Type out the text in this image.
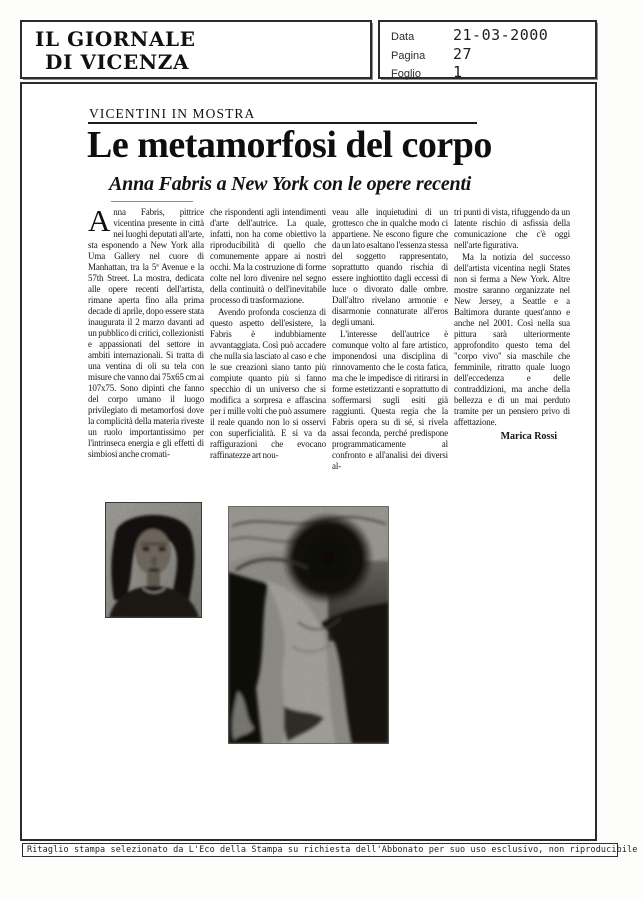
IL GIORNALE
DI VICENZA
Data	21-03-2000
Pagina	27
Foglio	1
VICENTINI IN MOSTRA
Le metamorfosi del corpo
Anna Fabris a New York con le opere recenti

Anna Fabris, pittrice vicentina presente in città nei luoghi deputati all'arte, sta esponendo a New York alla Uma Gallery nel cuore di Manhattan, tra la 5ª Avenue e la 57th Street. La mostra, dedicata alle opere recenti dell'artista, rimane aperta fino alla prima decade di aprile, dopo essere stata inaugurata il 2 marzo davanti ad un pubblico di critici, collezionisti e appassionati del settore in ambiti internazionali. Si tratta di una ventina di oli su tela con misure che vanno dai 75x65 cm ai 107x75. Sono dipinti che fanno del corpo umano il luogo privilegiato di metamorfosi dove la complicità della materia riveste un ruolo importantissimo per l'intrinseca energia e gli effetti di simbiosi anche cromati-

che rispondenti agli intendimenti d'arte dell'autrice. La quale, infatti, non ha come obiettivo la riproducibilità di quello che comunemente appare ai nostri occhi. Ma la costruzione di forme colte nel loro divenire nel segno della continuità o dell'inevitabile processo di trasformazione.

Avendo profonda coscienza di questo aspetto dell'esistere, la Fabris è indubbiamente avvantaggiata. Così può accadere che nulla sia lasciato al caso e che le sue creazioni siano tanto più compiute quanto più si fanno specchio di un universo che si modifica a sorpresa e affascina per i mille volti che può assumere il reale quando non lo si osservi con superficialità. E si va da raffigurazioni che evocano raffinatezze art nou-

veau alle inquietudini di un grottesco che in qualche modo ci appartiene. Ne escono figure che da un lato esaltano l'essenza stessa del soggetto rappresentato, soprattutto quando rischia di essere inghiottito dagli eccessi di luce o divorato dalle ombre. Dall'altro rivelano armonie e disarmonie connaturate all'eros degli umani.

L'interesse dell'autrice è comunque volto al fare artistico, imponendosi una disciplina di rinnovamento che le costa fatica, ma che le impedisce di ritirarsi in forme estetizzanti e soprattutto di soffermarsi sugli esiti già raggiunti. Questa regia che la Fabris opera su di sé, si rivela assai feconda, perché predispone programmaticamente al confronto e all'analisi dei diversi al-

tri punti di vista, rifuggendo da un latente rischio di asfissia della comunicazione che c'è oggi nell'arte figurativa.

Ma la notizia del successo dell'artista vicentina negli States non si ferma a New York. Altre mostre saranno organizzate nel New Jersey, a Seattle e a Baltimora durante quest'anno e anche nel 2001. Così nella sua pittura sarà ulteriormente approfondito questo tema del "corpo vivo" sia maschile che femminile, ritratto quale luogo dell'eccedenza e delle contraddizioni, ma anche della bellezza e di un mai perduto tramite per un pensiero privo di affettazione.

Marica Rossi
Ritaglio stampa selezionato da L'Eco della Stampa su richiesta dell'Abbonato per suo uso esclusivo, non riproducibile
